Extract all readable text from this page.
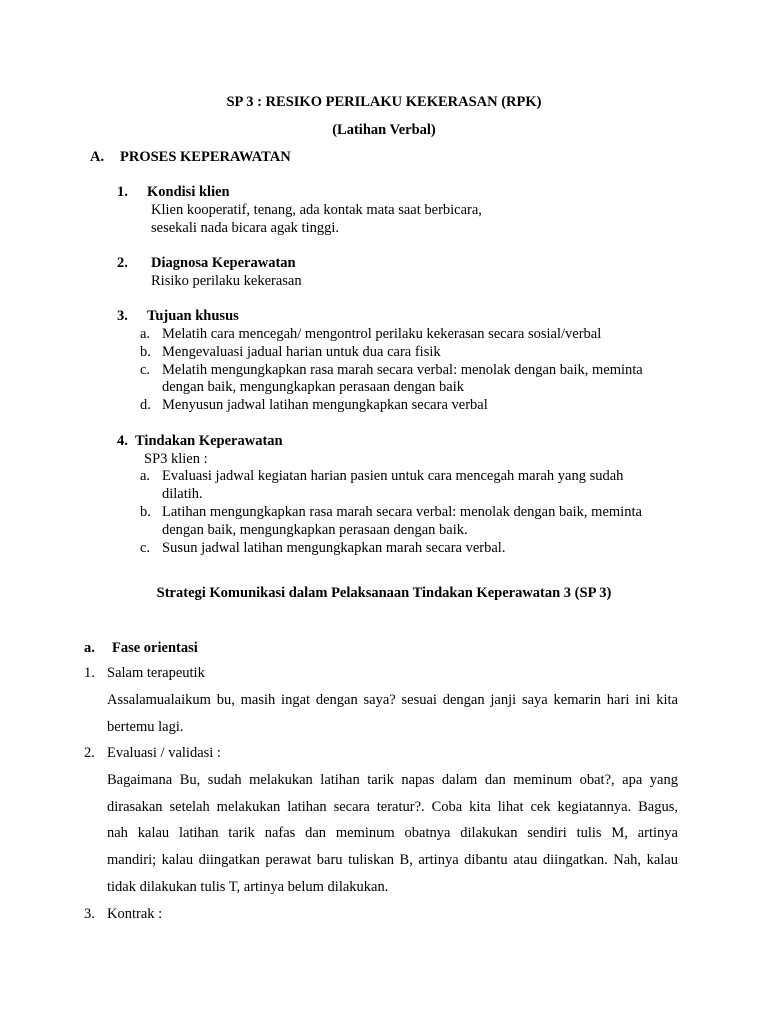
SP 3 : RESIKO PERILAKU KEKERASAN (RPK)
(Latihan Verbal)
A. PROSES KEPERAWATAN
1. Kondisi klien
Klien kooperatif, tenang, ada kontak mata saat berbicara,
sesekali nada bicara agak tinggi.
2. Diagnosa Keperawatan
Risiko perilaku kekerasan
3. Tujuan khusus
a. Melatih cara mencegah/ mengontrol perilaku kekerasan secara sosial/verbal
b. Mengevaluasi jadual harian untuk dua cara fisik
c. Melatih mengungkapkan rasa marah secara verbal: menolak dengan baik, meminta
dengan baik, mengungkapkan perasaan dengan baik
d. Menyusun jadwal latihan mengungkapkan secara verbal
4. Tindakan Keperawatan
SP3 klien :
a. Evaluasi jadwal kegiatan harian pasien untuk cara mencegah marah yang sudah
dilatih.
b. Latihan mengungkapkan rasa marah secara verbal: menolak dengan baik, meminta
dengan baik, mengungkapkan perasaan dengan baik.
c. Susun jadwal latihan mengungkapkan marah secara verbal.
Strategi Komunikasi dalam Pelaksanaan Tindakan Keperawatan 3 (SP 3)
a. Fase orientasi
1. Salam terapeutik
Assalamualaikum bu, masih ingat dengan saya? sesuai dengan janji saya kemarin hari ini kita
bertemu lagi.
2. Evaluasi / validasi :
Bagaimana Bu, sudah melakukan latihan tarik napas dalam dan meminum obat?, apa yang
dirasakan setelah melakukan latihan secara teratur?. Coba kita lihat cek kegiatannya. Bagus,
nah kalau latihan tarik nafas dan meminum obatnya dilakukan sendiri tulis M, artinya
mandiri; kalau diingatkan perawat baru tuliskan B, artinya dibantu atau diingatkan. Nah, kalau
tidak dilakukan tulis T, artinya belum dilakukan.
3. Kontrak :
